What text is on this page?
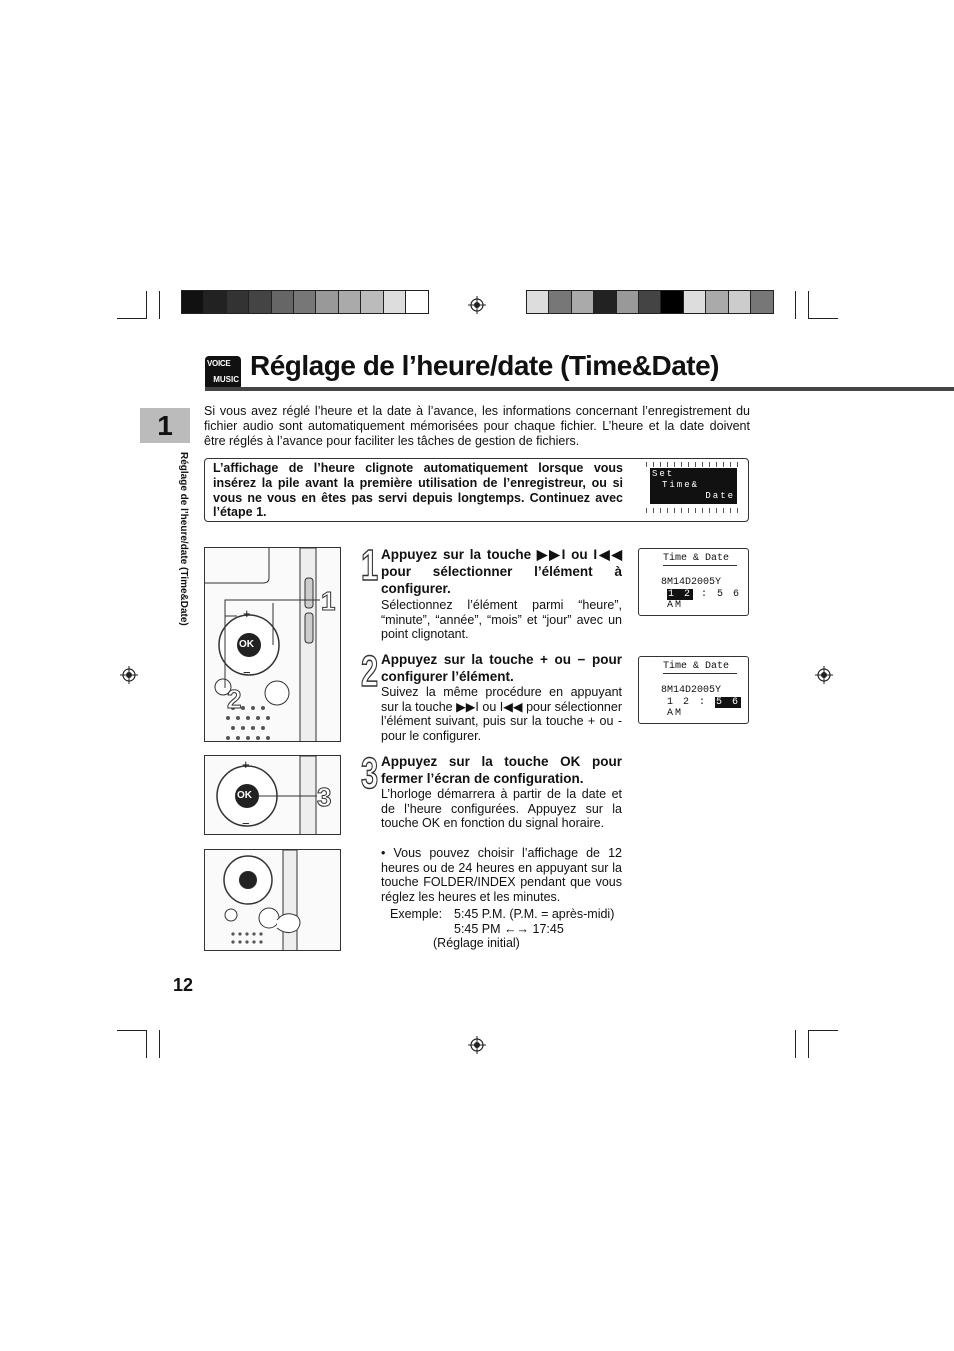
VOICE
MUSIC Réglage de l’heure/date (Time&Date)
1
Réglage de l’heure/date (Time&Date)
Si vous avez réglé l’heure et la date à l’avance, les informations concernant l’enregistrement du fichier audio sont automatiquement mémorisées pour chaque fichier. L’heure et la date doivent être réglés à l’avance pour faciliter les tâches de gestion de fichiers.
L’affichage de l’heure clignote automatiquement lorsque vous insérez la pile avant la première utilisation de l’enregistreur, ou si vous ne vous en êtes pas servi depuis longtemps. Continuez avec l’étape 1.
Set
Time&
Date
OK
+
−
1
2
OK
+
−
3
1
2
3
Appuyez sur la touche ▶▶I ou I◀◀ pour sélectionner l’élément à configurer.
Sélectionnez l’élément parmi “heure”, “minute”, “année”, “mois” et “jour” avec un point clignotant.
Appuyez sur la touche + ou − pour configurer l’élément.
Suivez la même procédure en appuyant sur la touche ▶▶I ou I◀◀ pour sélectionner l’élément suivant, puis sur la touche + ou - pour le configurer.
Appuyez sur la touche OK pour fermer l’écran de configuration.
L’horloge démarrera à partir de la date et de l’heure configurées. Appuyez sur la touche OK en fonction du signal horaire.
Time & Date
8M14D2005Y
1 2 : 5 6 AM
Time & Date
8M14D2005Y
1 2 : 5 6 AM
• Vous pouvez choisir l’affichage de 12 heures ou de 24 heures en appuyant sur la touche FOLDER/INDEX pendant que vous réglez les heures et les minutes.
Exemple: 5:45 P.M. (P.M. = après-midi)
5:45 PM ←→ 17:45
(Réglage initial)
12
